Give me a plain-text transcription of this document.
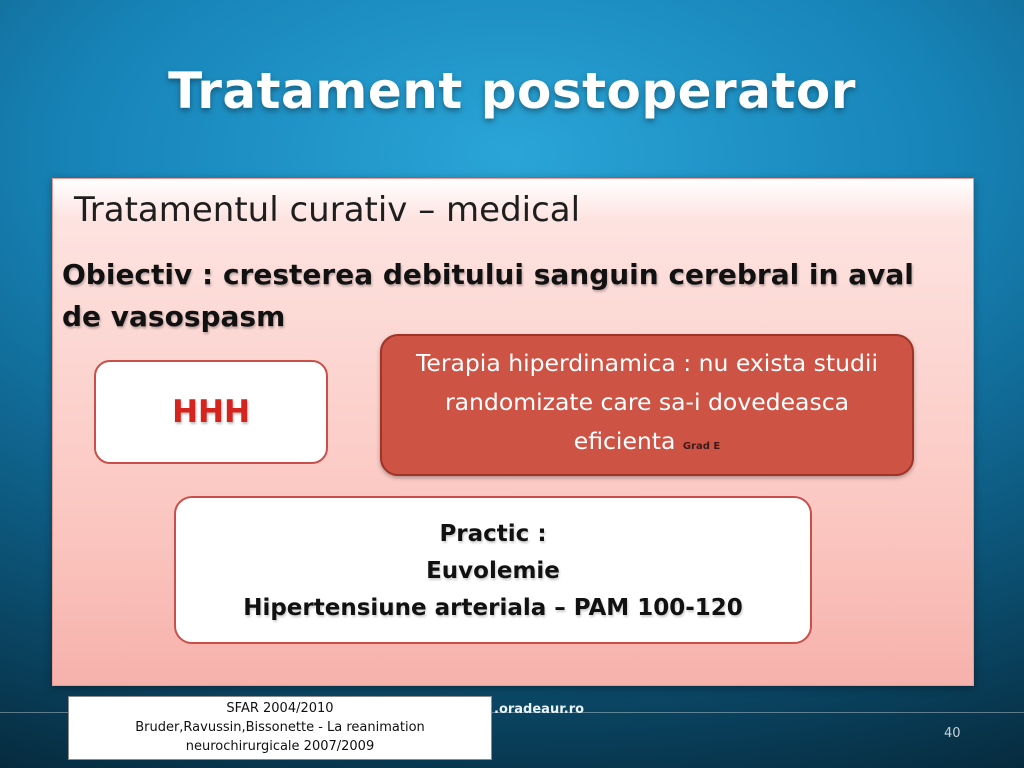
Tratament postoperator
Tratamentul curativ – medical
Obiectiv : cresterea debitului sanguin cerebral in aval de vasospasm
HHH
Terapia hiperdinamica : nu exista studii randomizate care sa-i dovedeasca eficienta Grad E
Practic :
Euvolemie
Hipertensiune arteriala – PAM 100-120
SFAR 2004/2010
Bruder,Ravussin,Bissonette - La reanimation
neurochirurgicale 2007/2009
.oradeaur.ro
40
